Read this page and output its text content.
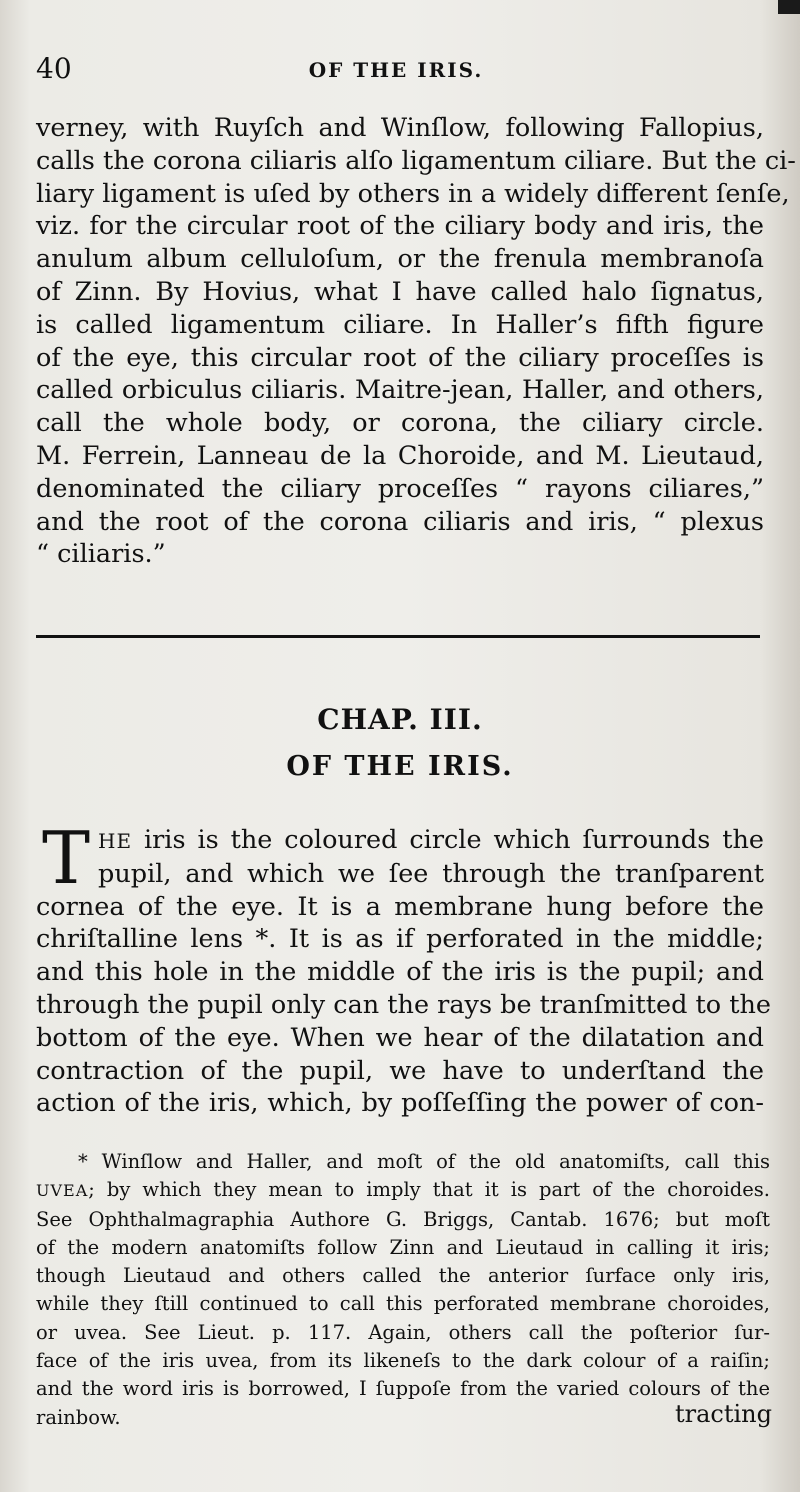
40	OF THE IRIS.
verney, with Ruyſch and Winſlow, following Fallopius,
calls the corona ciliaris alſo ligamentum ciliare. But the ci-
liary ligament is uſed by others in a widely different ſenſe,
viz. for the circular root of the ciliary body and iris, the
anulum album celluloſum, or the frenula membranoſa
of Zinn. By Hovius, what I have called halo ſignatus,
is called ligamentum ciliare. In Haller’s fifth figure
of the eye, this circular root of the ciliary proceſſes is
called orbiculus ciliaris. Maitre-jean, Haller, and others,
call the whole body, or corona, the ciliary circle.
M. Ferrein, Lanneau de la Choroide, and M. Lieutaud,
denominated the ciliary proceſſes “ rayons ciliares,”
and the root of the corona ciliaris and iris, “ plexus
“ ciliaris.”
CHAP. III.
OF THE IRIS.
T HE iris is the coloured circle which ſurrounds the
pupil, and which we ſee through the tranſparent
cornea of the eye. It is a membrane hung before the
chriſtalline lens *. It is as if perforated in the middle;
and this hole in the middle of the iris is the pupil; and
through the pupil only can the rays be tranſmitted to the
bottom of the eye. When we hear of the dilatation and
contraction of the pupil, we have to underſtand the
action of the iris, which, by poſſeſſing the power of con-
* Winſlow and Haller, and moſt of the old anatomiſts, call this
UVEA; by which they mean to imply that it is part of the choroides.
See Ophthalmagraphia Authore G. Briggs, Cantab. 1676; but moſt
of the modern anatomiſts follow Zinn and Lieutaud in calling it iris;
though Lieutaud and others called the anterior ſurface only iris,
while they ſtill continued to call this perforated membrane choroides,
or uvea. See Lieut. p. 117. Again, others call the poſterior ſur-
face of the iris uvea, from its likeneſs to the dark colour of a raiſin;
and the word iris is borrowed, I ſuppoſe from the varied colours of the
rainbow.	tracting
